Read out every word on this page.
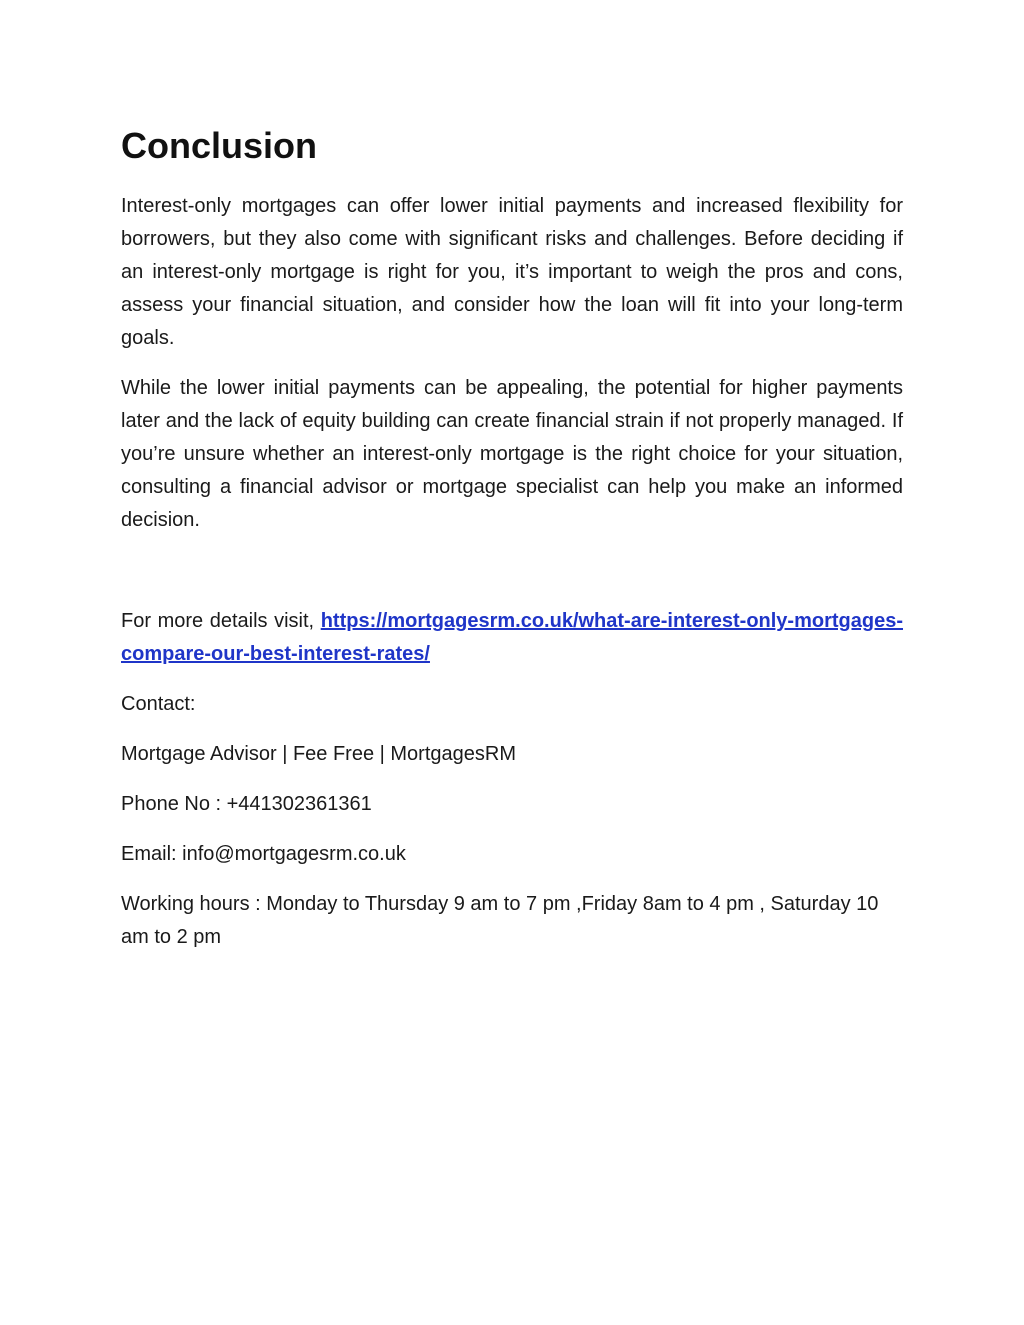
Conclusion

Interest-only mortgages can offer lower initial payments and increased flexibility for borrowers, but they also come with significant risks and challenges. Before deciding if an interest-only mortgage is right for you, it’s important to weigh the pros and cons, assess your financial situation, and consider how the loan will fit into your long-term goals.

While the lower initial payments can be appealing, the potential for higher payments later and the lack of equity building can create financial strain if not properly managed. If you’re unsure whether an interest-only mortgage is the right choice for your situation, consulting a financial advisor or mortgage specialist can help you make an informed decision.

For more details visit, https://mortgagesrm.co.uk/what-are-interest-only-mortgages-compare-our-best-interest-rates/

Contact:

Mortgage Advisor | Fee Free | MortgagesRM

Phone No : +441302361361

Email: info@mortgagesrm.co.uk

Working hours : Monday to Thursday 9 am to 7 pm ,Friday 8am to 4 pm , Saturday 10 am to 2 pm
